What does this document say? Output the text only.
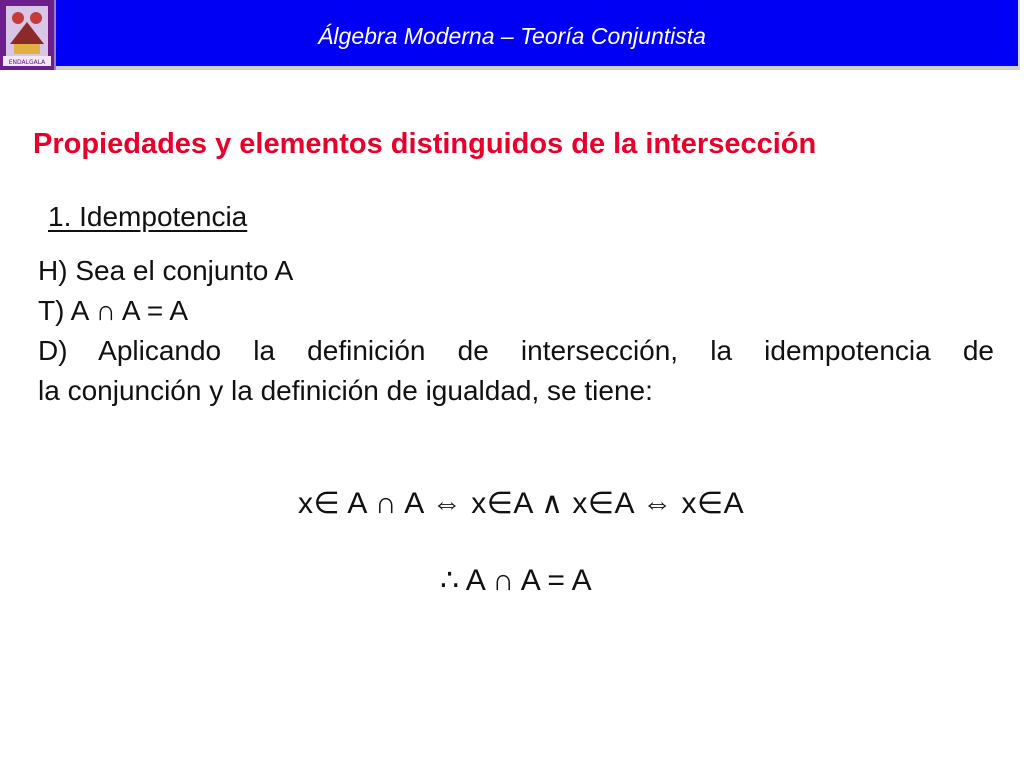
ENDALGALA
Álgebra Moderna – Teoría Conjuntista
Propiedades y elementos distinguidos de la intersección

1. Idempotencia

H) Sea el conjunto A

T) A ∩ A = A

D) Aplicando la definición de intersección, la idempotencia de

la conjunción y la definición de igualdad, se tiene:

x∈ A ∩ A ⇔ x∈A ∧ x∈A ⇔ x∈A

∴ A ∩ A = A
